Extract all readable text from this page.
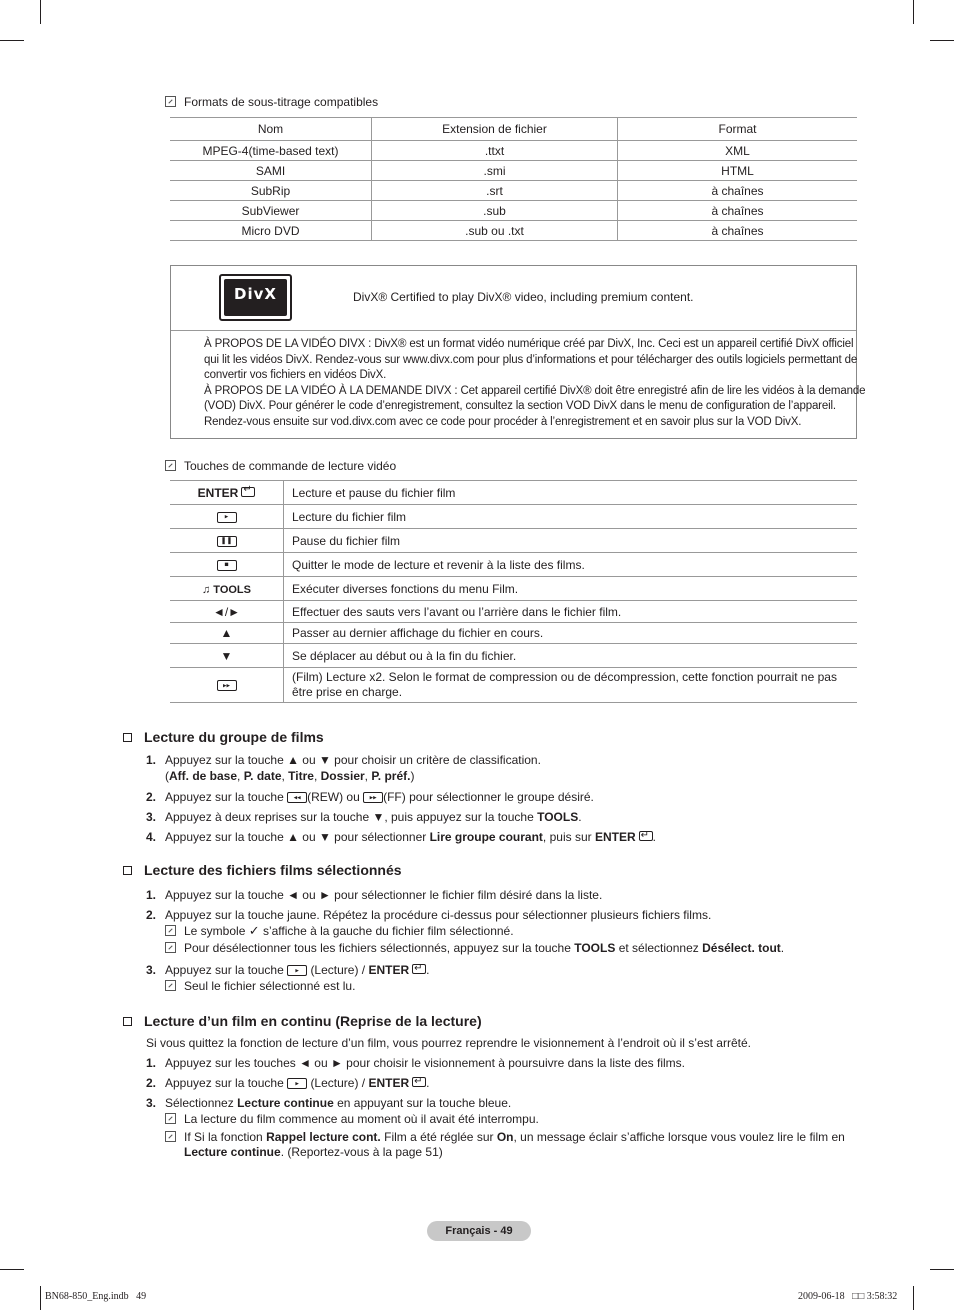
Formats de sous-titrage compatibles
Nom	Extension de fichier	Format
MPEG-4(time-based text)	.ttxt	XML
SAMI	.smi	HTML
SubRip	.srt	à chaînes
SubViewer	.sub	à chaînes
Micro DVD	.sub ou .txt	à chaînes
DivX	DivX® Certified to play DivX® video, including premium content.
À PROPOS DE LA VIDÉO DIVX : DivX® est un format vidéo numérique créé par DivX, Inc. Ceci est un appareil certifié DivX officiel
qui lit les vidéos DivX. Rendez-vous sur www.divx.com pour plus d’informations et pour télécharger des outils logiciels permettant de
convertir vos fichiers en vidéos DivX.
À PROPOS DE LA VIDÉO À LA DEMANDE DIVX : Cet appareil certifié DivX® doit être enregistré afin de lire les vidéos à la demande
(VOD) DivX. Pour générer le code d’enregistrement, consultez la section VOD DivX dans le menu de configuration de l’appareil.
Rendez-vous ensuite sur vod.divx.com avec ce code pour procéder à l’enregistrement et en savoir plus sur la VOD DivX.
Touches de commande de lecture vidéo
ENTER↵	Lecture et pause du fichier film

▸	Lecture du fichier film

❚❚	Pause du fichier film

■	Quitter le mode de lecture et revenir à la liste des films.
♫ TOOLS	Exécuter diverses fonctions du menu Film.
◄/►	Effectuer des sauts vers l’avant ou l’arrière dans le fichier film.
▲	Passer au dernier affichage du fichier en cours.
▼	Se déplacer au début ou à la fin du fichier.

▸▸	(Film) Lecture x2. Selon le format de compression ou de décompression, cette fonction pourrait ne pas être prise en charge.
Lecture du groupe de films
1. Appuyez sur la touche ▲ ou ▼ pour choisir un critère de classification.
(Aff. de base, P. date, Titre, Dossier, P. préf.)
2. Appuyez sur la touche ◂◂ (REW) ou ▸▸ (FF) pour sélectionner le groupe désiré.
3. Appuyez à deux reprises sur la touche ▼, puis appuyez sur la touche TOOLS.
4. Appuyez sur la touche ▲ ou ▼ pour sélectionner Lire groupe courant, puis sur ENTER ↵ .
Lecture des fichiers films sélectionnés
1. Appuyez sur la touche ◄ ou ► pour sélectionner le fichier film désiré dans la liste.
2. Appuyez sur la touche jaune. Répétez la procédure ci-dessus pour sélectionner plusieurs fichiers films.
Le symbole ✓ s’affiche à la gauche du fichier film sélectionné.
Pour désélectionner tous les fichiers sélectionnés, appuyez sur la touche TOOLS et sélectionnez Désélect. tout.
3. Appuyez sur la touche ▸ (Lecture) / ENTER ↵ .
Seul le fichier sélectionné est lu.
Lecture d’un film en continu (Reprise de la lecture)
Si vous quittez la fonction de lecture d’un film, vous pourrez reprendre le visionnement à l’endroit où il s’est arrêté.
1. Appuyez sur les touches ◄ ou ► pour choisir le visionnement à poursuivre dans la liste des films.
2. Appuyez sur la touche ▸ (Lecture) / ENTER ↵ .
3. Sélectionnez Lecture continue en appuyant sur la touche bleue.
La lecture du film commence au moment où il avait été interrompu.
If Si la fonction Rappel lecture cont. Film a été réglée sur On, un message éclair s’affiche lorsque vous voulez lire le film en
Lecture continue. (Reportez-vous à la page 51)
Français - 49
BN68-850_Eng.indb   49	2009-06-18   □□ 3:58:32
